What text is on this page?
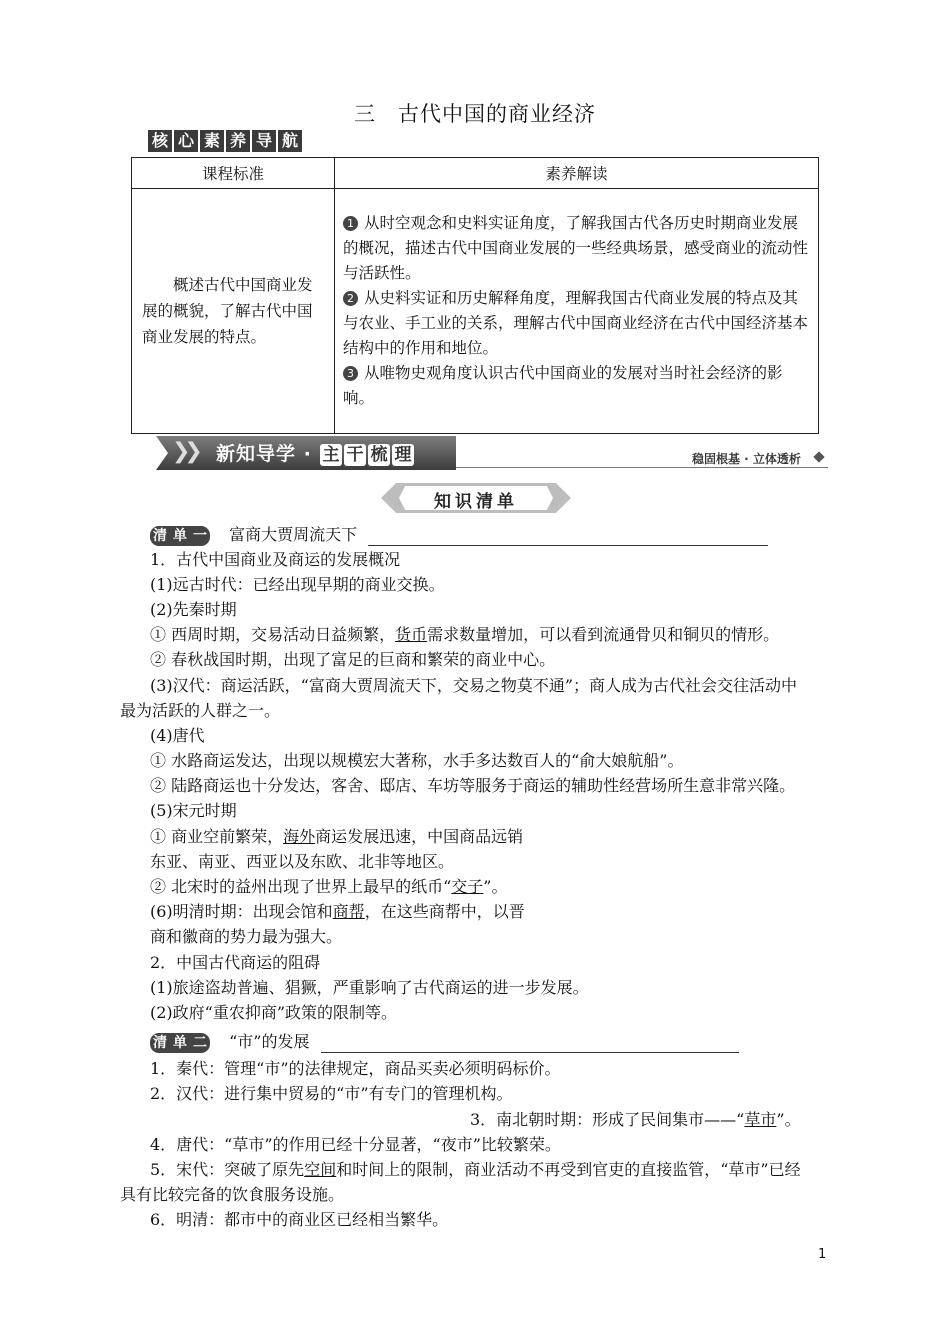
三　古代中国的商业经济
核 心 素 养 导 航
课程标准	素养解读

概述古代中国商业发展的概貌，了解古代中国商业发展的特点。	1 从时空观念和史料实证角度，了解我国古代各历史时期商业发展的概况，描述古代中国商业发展的一些经典场景，感受商业的流动性与活跃性。
2 从史料实证和历史解释角度，理解我国古代商业发展的特点及其与农业、手工业的关系，理解古代中国商业经济在古代中国经济基本结构中的作用和地位。
3 从唯物史观角度认识古代中国商业的发展对当时社会经济的影响。
❯❯ 新知导学 · 主 干 梳 理	稳固根基 · 立体透析
知识清单
清 单 一 富商大贾周流天下
1．古代中国商业及商运的发展概况
(1)远古时代：已经出现早期的商业交换。
(2)先秦时期
① 西周时期，交易活动日益频繁，货币需求数量增加，可以看到流通骨贝和铜贝的情形。
② 春秋战国时期，出现了富足的巨商和繁荣的商业中心。
(3)汉代：商运活跃，“富商大贾周流天下，交易之物莫不通”；商人成为古代社会交往活动中
最为活跃的人群之一。
(4)唐代
① 水路商运发达，出现以规模宏大著称，水手多达数百人的“俞大娘航船”。
② 陆路商运也十分发达，客舍、邸店、车坊等服务于商运的辅助性经营场所生意非常兴隆。
(5)宋元时期
① 商业空前繁荣，海外商运发展迅速，中国商品远销
东亚、南亚、西亚以及东欧、北非等地区。
② 北宋时的益州出现了世界上最早的纸币“交子”。
(6)明清时期：出现会馆和商帮，在这些商帮中，以晋
商和徽商的势力最为强大。
2．中国古代商运的阻碍
(1)旅途盗劫普遍、猖獗，严重影响了古代商运的进一步发展。
(2)政府“重农抑商”政策的限制等。
清 单 二 “市”的发展
1．秦代：管理“市”的法律规定，商品买卖必须明码标价。
2．汉代：进行集中贸易的“市”有专门的管理机构。
3．南北朝时期：形成了民间集市——“草市”。
4．唐代：“草市”的作用已经十分显著，“夜市”比较繁荣。
5．宋代：突破了原先空间和时间上的限制，商业活动不再受到官吏的直接监管，“草市”已经
具有比较完备的饮食服务设施。
6．明清：都市中的商业区已经相当繁华。
1
